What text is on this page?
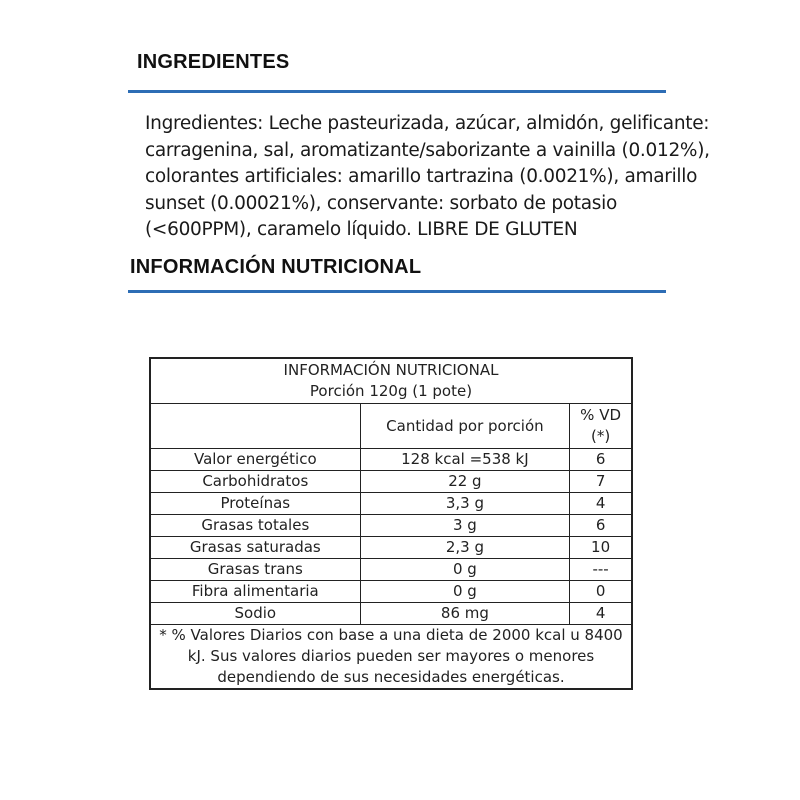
INGREDIENTES
Ingredientes: Leche pasteurizada, azúcar, almidón, gelificante:
carragenina, sal, aromatizante/saborizante a vainilla (0.012%),
colorantes artificiales: amarillo tartrazina (0.0021%), amarillo
sunset (0.00021%), conservante: sorbato de potasio
(<600PPM), caramelo líquido. LIBRE DE GLUTEN
INFORMACIÓN NUTRICIONAL
INFORMACIÓN NUTRICIONAL
Porción 120g (1 pote)		

	Cantidad por porción	% VD
(*)

Valor energético	128 kcal =538 kJ	6
Carbohidratos	22 g	7
Proteínas	3,3 g	4
Grasas totales	3 g	6
Grasas saturadas	2,3 g	10
Grasas trans	0 g	---
Fibra alimentaria	0 g	0
Sodio	86 mg	4
* % Valores Diarios con base a una dieta de 2000 kcal u 8400 kJ. Sus valores diarios pueden ser mayores o menores dependiendo de sus necesidades energéticas.		
